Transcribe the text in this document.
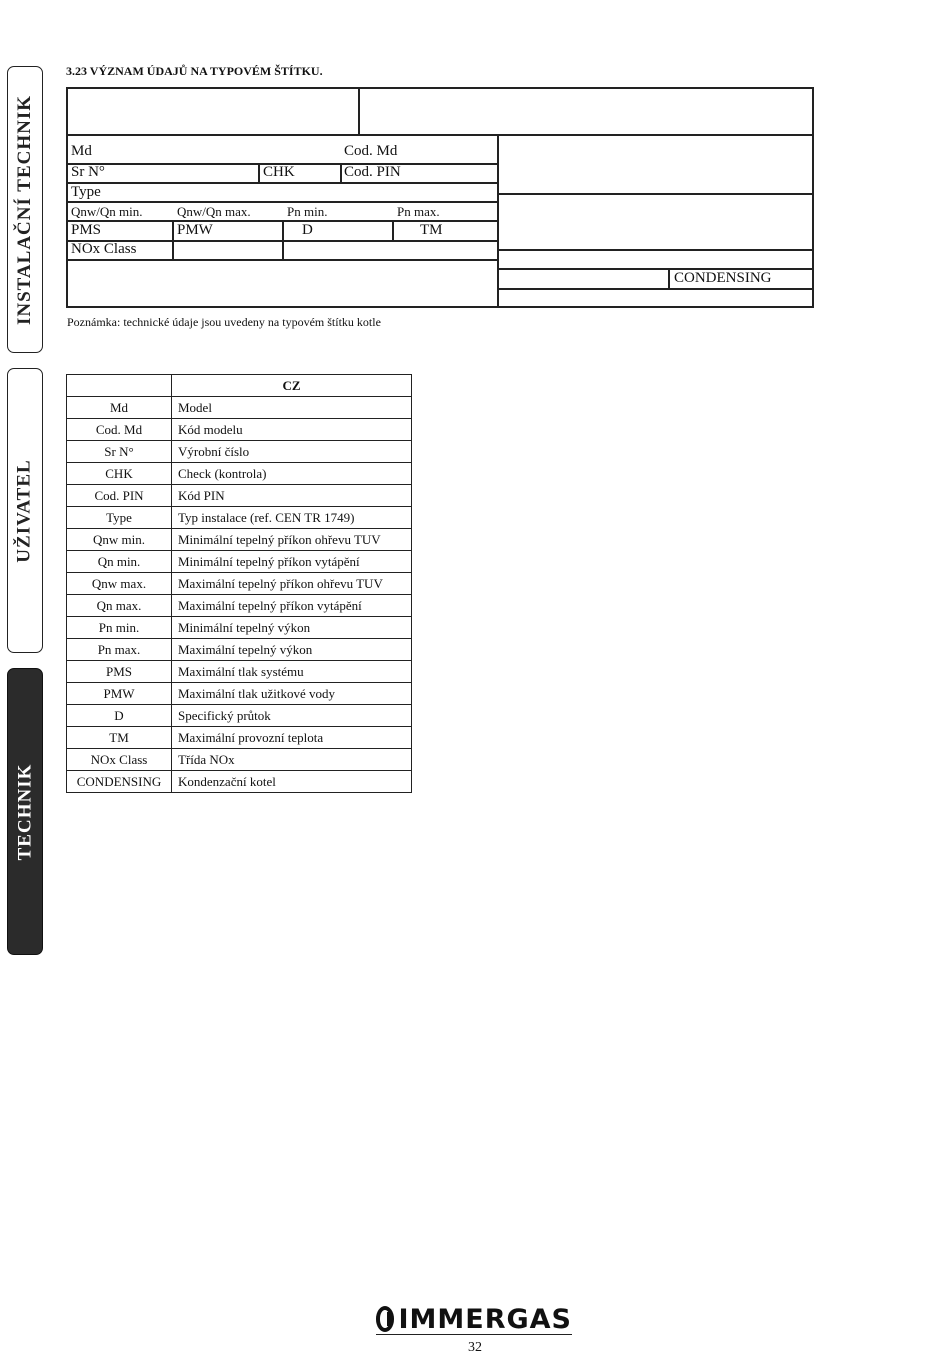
INSTALAČNÍ TECHNIK
UŽIVATEL
TECHNIK
3.23 VÝZNAM ÚDAJŮ NA TYPOVÉM ŠTÍTKU.
Md	Cod. Md
Sr N°	CHK	Cod. PIN
Type
Qnw/Qn min.	Qnw/Qn max.	Pn min.	Pn max.
PMS	PMW	D	TM
NOx Class
CONDENSING
Poznámka: technické údaje jsou uvedeny na typovém štítku kotle
	CZ
Md	Model
Cod. Md	Kód modelu
Sr N°	Výrobní číslo
CHK	Check (kontrola)
Cod. PIN	Kód PIN
Type	Typ instalace (ref. CEN TR 1749)
Qnw min.	Minimální tepelný příkon ohřevu TUV
Qn min.	Minimální tepelný příkon vytápění
Qnw max.	Maximální tepelný příkon ohřevu TUV
Qn max.	Maximální tepelný příkon vytápění
Pn min.	Minimální tepelný výkon
Pn max.	Maximální tepelný výkon
PMS	Maximální tlak systému
PMW	Maximální tlak užitkové vody
D	Specifický průtok
TM	Maximální provozní teplota
NOx Class	Třída NOx
CONDENSING	Kondenzační kotel
IMMERGAS
32
